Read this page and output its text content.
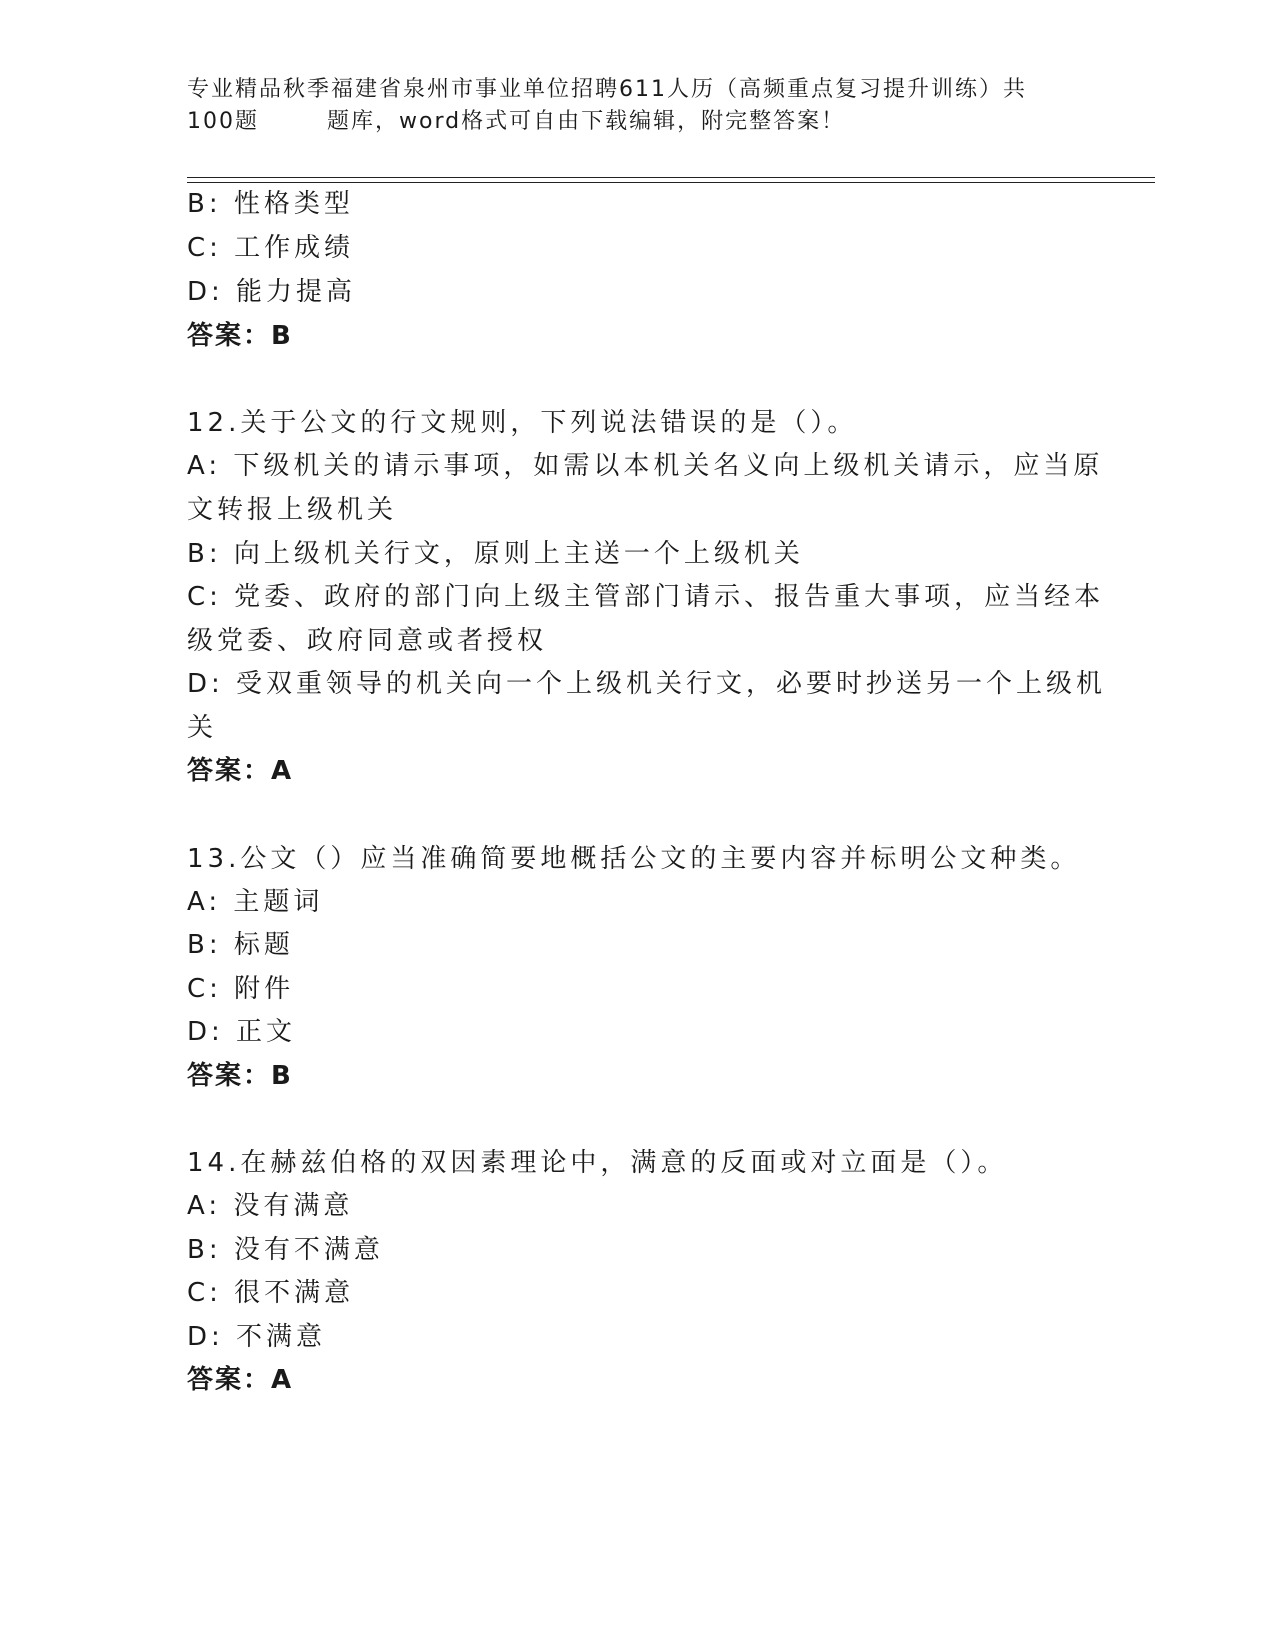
专业精品秋季福建省泉州市事业单位招聘611人历（高频重点复习提升训练）共
100题	题库，word格式可自由下载编辑，附完整答案！
B: 性格类型
C: 工作成绩
D: 能力提高
答案：B
12.关于公文的行文规则，下列说法错误的是（）。
A: 下级机关的请示事项，如需以本机关名义向上级机关请示，应当原
文转报上级机关
B: 向上级机关行文，原则上主送一个上级机关
C: 党委、政府的部门向上级主管部门请示、报告重大事项，应当经本
级党委、政府同意或者授权
D: 受双重领导的机关向一个上级机关行文，必要时抄送另一个上级机
关
答案：A
13.公文（）应当准确简要地概括公文的主要内容并标明公文种类。
A: 主题词
B: 标题
C: 附件
D: 正文
答案：B
14.在赫兹伯格的双因素理论中，满意的反面或对立面是（）。
A: 没有满意
B: 没有不满意
C: 很不满意
D: 不满意
答案：A
